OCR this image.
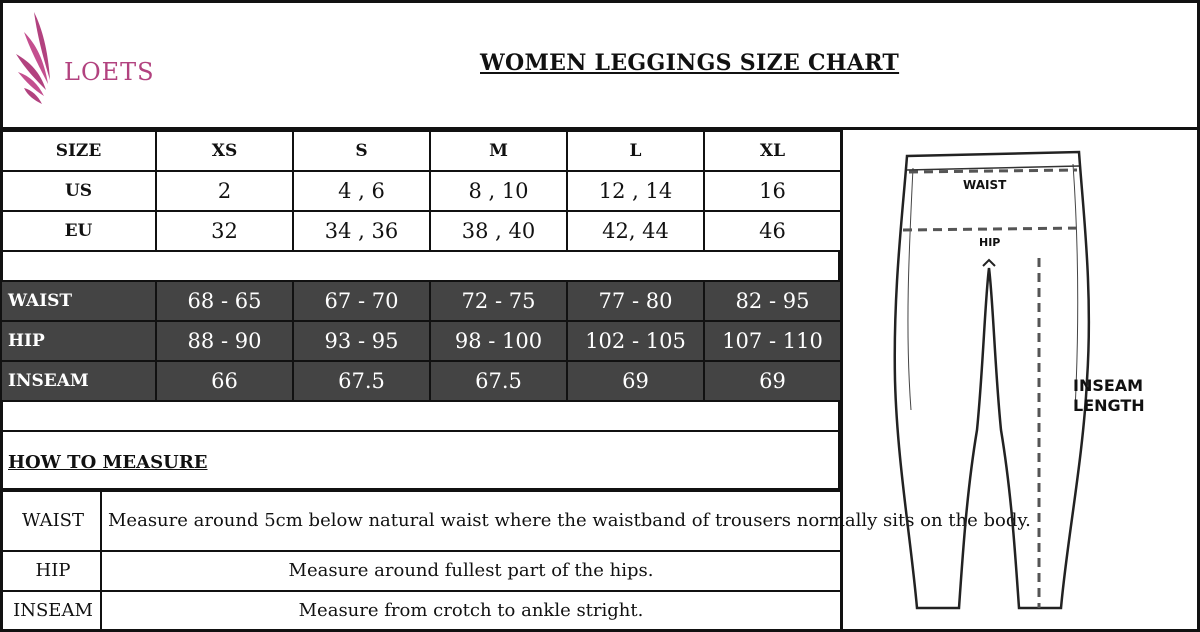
LOETS	WOMEN LEGGINGS SIZE CHART
SIZE	XS	S	M	L	XL
US	2	4 , 6	8 , 10	12 , 14	16
EU	32	34 , 36	38 , 40	42, 44	46
WAIST	68 - 65	67 - 70	72 - 75	77 - 80	82 - 95
HIP	88 - 90	93 - 95	98 - 100	102 - 105	107 - 110
INSEAM	66	67.5	67.5	69	69
HOW TO MEASURE
WAIST	Measure around 5cm below natural waist where the waistband of trousers normally sits on the body.
HIP	Measure around fullest part of the hips.
INSEAM	Measure from crotch to ankle stright.
WAIST
HIP
INSEAM
LENGTH
